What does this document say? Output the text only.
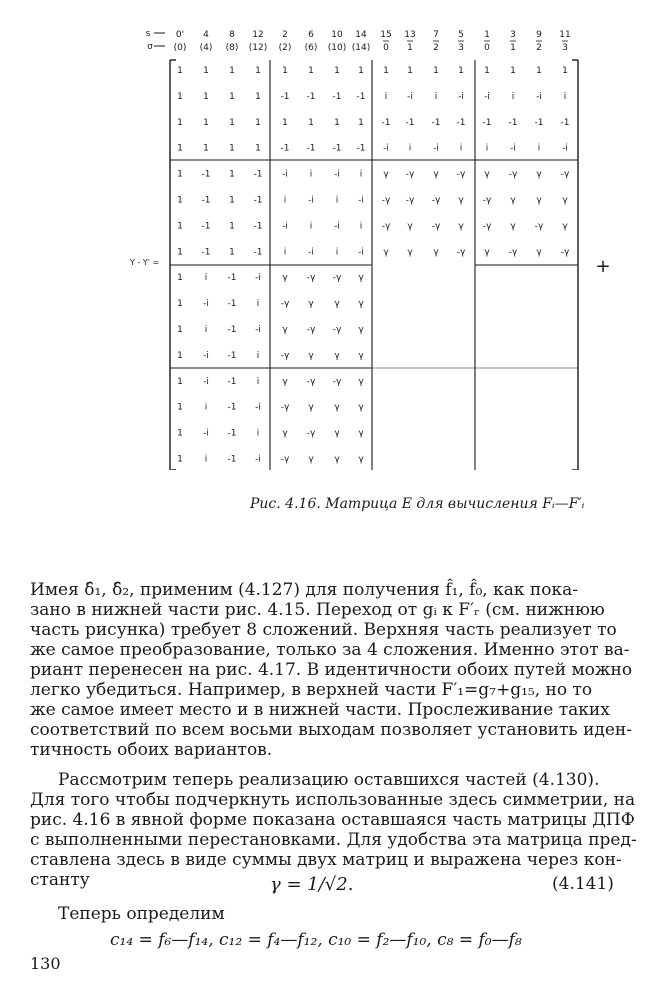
s
σ
0' 4 8 12 2 6 10 14 15 13 7 5 1 3 9 11
(0) (4) (8) (12) (2) (6) (10) (14) 0 1 2 3 0 1 2 3
1 1 1 1 1 1 1 1 1 1 1 1 1 1 1 1
1 1 1 1 -1 -1 -1 -1 i -i i -i -i i -i i
1 1 1 1 1 1 1 1 -1 -1 -1 -1 -1 -1 -1 -1
1 1 1 1 -1 -1 -1 -1 -i i -i i	i -i i -i
1 -1 1 -1 -i i -i i γ -γ γ -γ γ -γ γ -γ
1 -1 1 -1 i -i i -i -γ -γ -γ γ -γ γ γ γ
1 -1 1 -1 -i i -i i -γ γ -γ γ -γ γ -γ γ
1 -1 1 -1 i -i i -i γ γ γ -γ γ -γ γ -γ
1 i -1 -i γ -γ -γ γ
1 -i -1 i -γ γ γ γ
1 i -1 -i γ -γ -γ γ
1 -i -1 i -γ γ γ γ
1 -i -1 i	γ -γ -γ γ
1 i -1 -i -γ γ γ γ
1 -i -1 i	γ -γ γ γ
1 i -1 -i -γ γ γ γ
Y - Y' =	+
Рис. 4.16. Матрица E для вычисления Fᵢ—F′ᵢ
Имея δ̂₁, δ̂₂, применим (4.127) для получения f̂₁, f̂₀, как пока-
зано в нижней части рис. 4.15. Переход от gᵢ к F′ᵣ (см. нижнюю
часть рисунка) требует 8 сложений. Верхняя часть реализует то
же самое преобразование, только за 4 сложения. Именно этот ва-
риант перенесен на рис. 4.17. В идентичности обоих путей можно
легко убедиться. Например, в верхней части F′₁=g₇+g₁₅, но то
же самое имеет место и в нижней части. Прослеживание таких
соответствий по всем восьми выходам позволяет установить иден-
тичность обоих вариантов.
Рассмотрим теперь реализацию оставшихся частей (4.130).
Для того чтобы подчеркнуть использованные здесь симметрии, на
рис. 4.16 в явной форме показана оставшаяся часть матрицы ДПФ
с выполненными перестановками. Для удобства эта матрица пред-
ставлена здесь в виде суммы двух матриц и выражена через кон-
станту	γ = 1/√2.	(4.141)
Теперь определим
c₁₄ = f₆—f₁₄, c₁₂ = f₄—f₁₂, c₁₀ = f₂—f₁₀, c₈ = f₀—f₈
130
